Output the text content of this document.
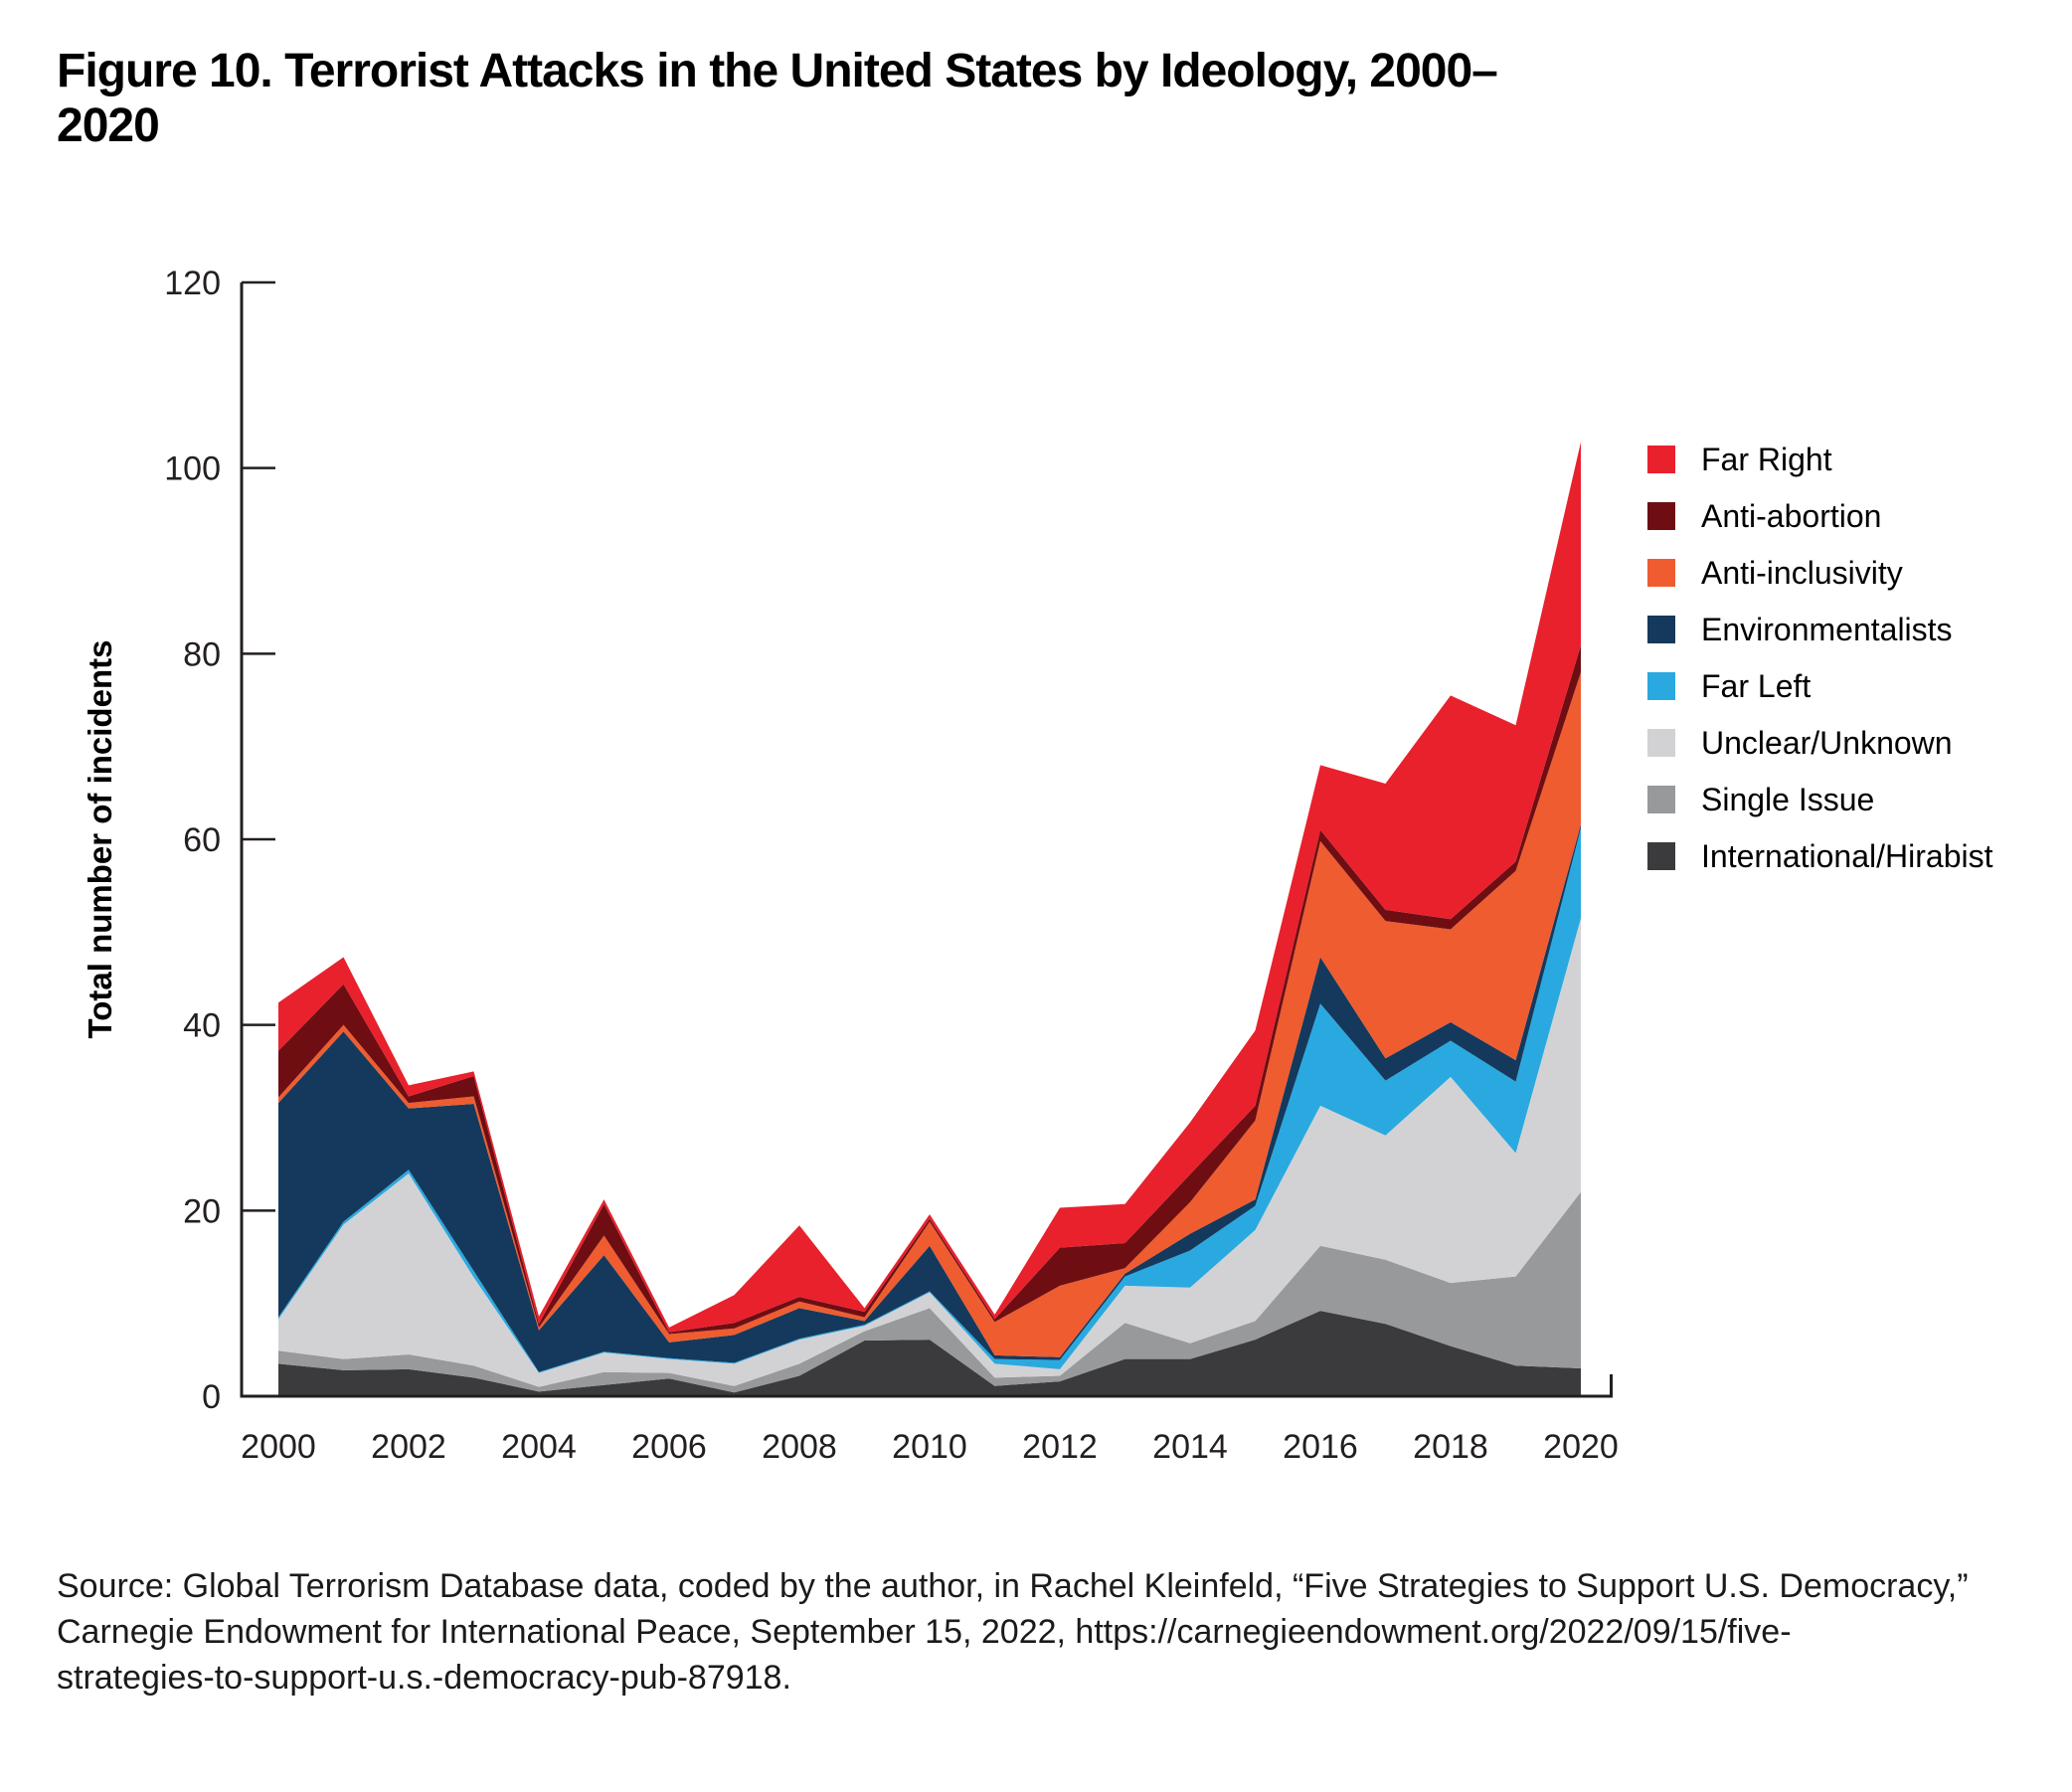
Figure 10. Terrorist Attacks in the United States by Ideology, 2000–2020
0
20
40
60
80
100
120
2000 2002 2004 2006 2008 2010 2012 2014 2016 2018 2020
Total number of incidents
Far Right
Anti-abortion
Anti-inclusivity
Environmentalists
Far Left
Unclear/Unknown
Single Issue
International/Hirabist
Source: Global Terrorism Database data, coded by the author, in Rachel Kleinfeld, “Five Strategies to Support U.S. Democracy,”
Carnegie Endowment for International Peace, September 15, 2022, https://carnegieendowment.org/2022/09/15/five-
strategies-to-support-u.s.-democracy-pub-87918.
